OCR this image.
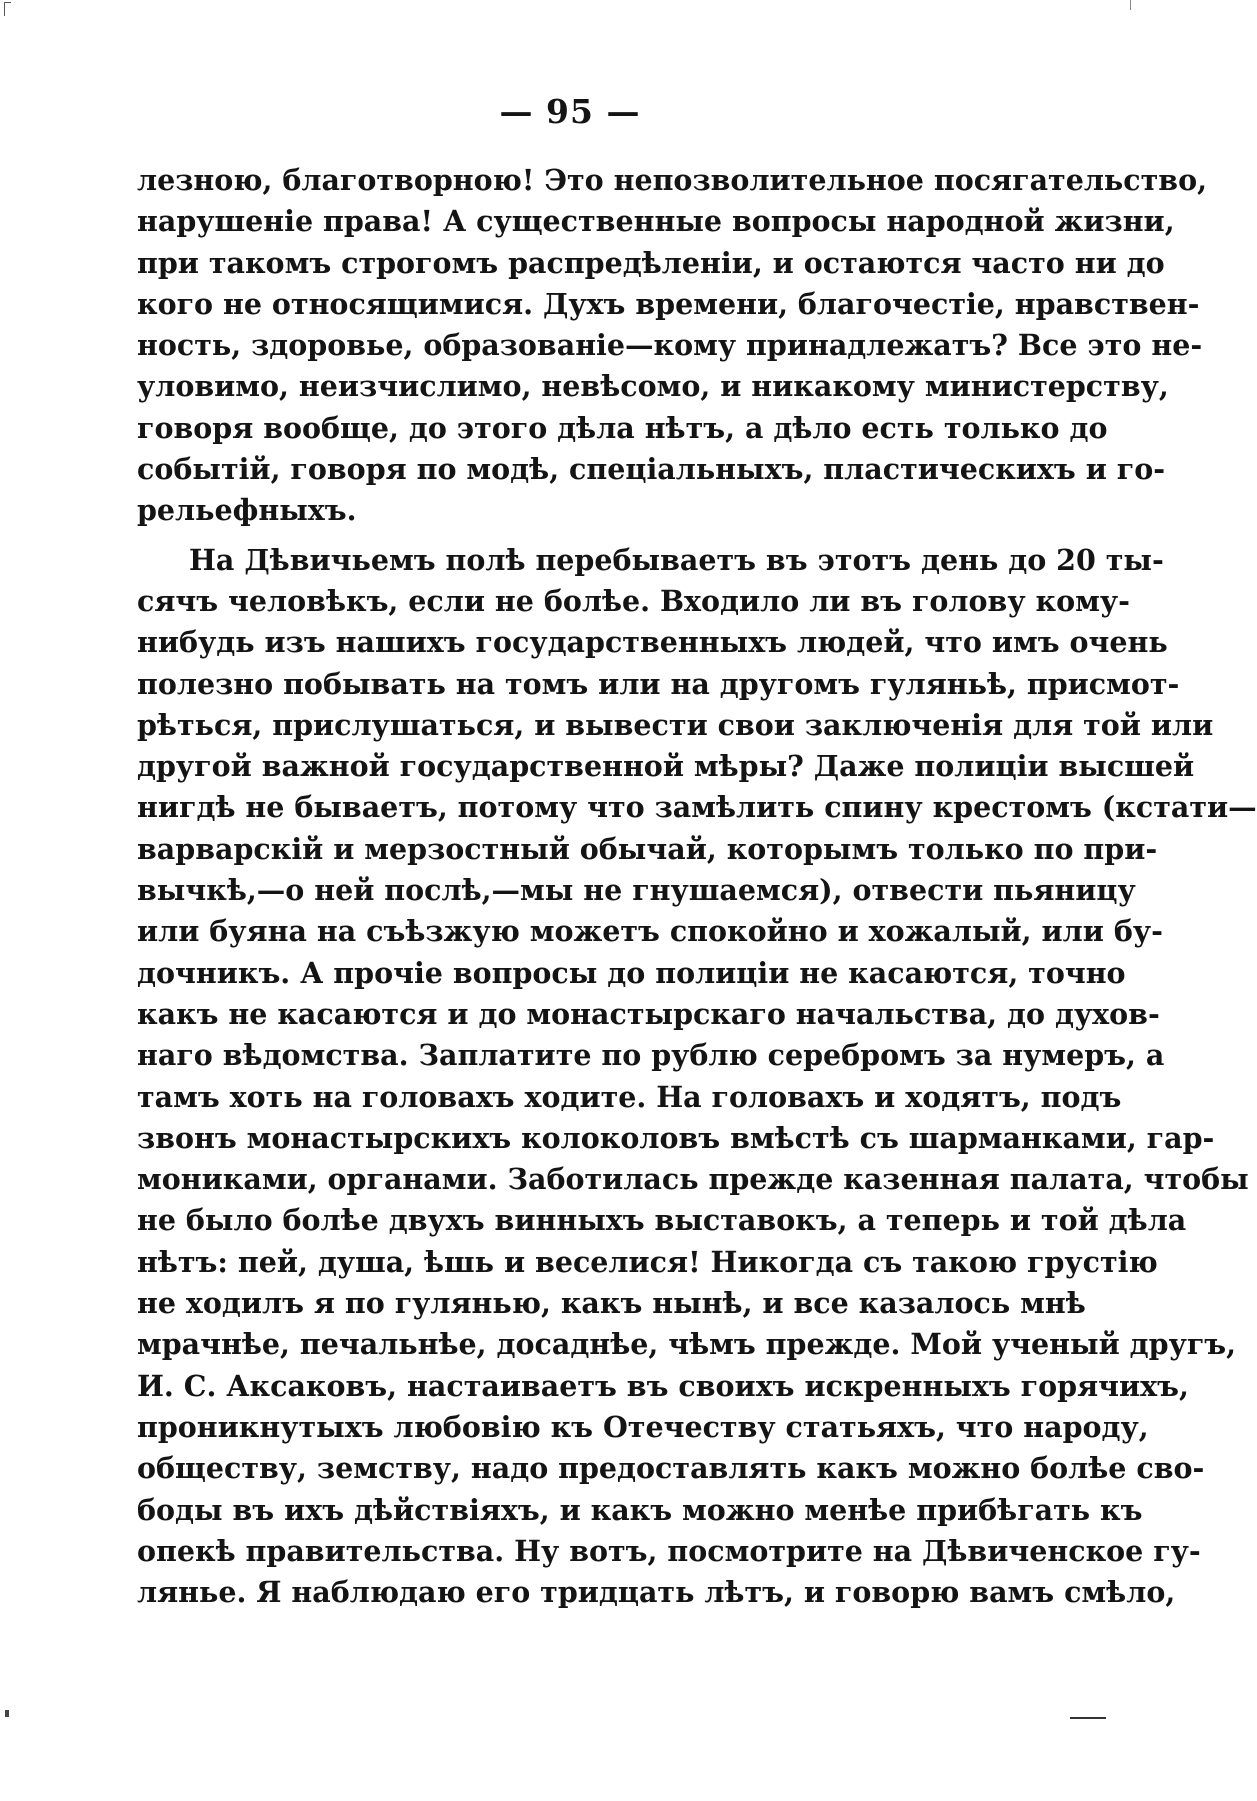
— 95 —
лезною, благотворною! Это непозволительное посягательство,
нарушеніе права! А существенные вопросы народной жизни,
при такомъ строгомъ распредѣленіи, и остаются часто ни до
кого не относящимися. Духъ времени, благочестіе, нравствен-
ность, здоровье, образованіе—кому принадлежатъ? Все это не-
уловимо, неизчислимо, невѣсомо, и никакому министерству,
говоря вообще, до этого дѣла нѣтъ, а дѣло есть только до
событій, говоря по модѣ, спеціальныхъ, пластическихъ и го-
рельефныхъ.
На Дѣвичьемъ полѣ перебываетъ въ этотъ день до 20 ты-
сячъ человѣкъ, если не болѣе. Входило ли въ голову кому-
нибудь изъ нашихъ государственныхъ людей, что имъ очень
полезно побывать на томъ или на другомъ гуляньѣ, присмот-
рѣться, прислушаться, и вывести свои заключенія для той или
другой важной государственной мѣры? Даже полиціи высшей
нигдѣ не бываетъ, потому что замѣлить спину крестомъ (кстати—
варварскій и мерзостный обычай, которымъ только по при-
вычкѣ,—о ней послѣ,—мы не гнушаемся), отвести пьяницу
или буяна на съѣзжую можетъ спокойно и хожалый, или бу-
дочникъ. А прочіе вопросы до полиціи не касаются, точно
какъ не касаются и до монастырскаго начальства, до духов-
наго вѣдомства. Заплатите по рублю серебромъ за нумеръ, а
тамъ хоть на головахъ ходите. На головахъ и ходятъ, подъ
звонъ монастырскихъ колоколовъ вмѣстѣ съ шарманками, гар-
мониками, органами. Заботилась прежде казенная палата, чтобы
не было болѣе двухъ винныхъ выставокъ, а теперь и той дѣла
нѣтъ: пей, душа, ѣшь и веселися! Никогда съ такою грустію
не ходилъ я по гулянью, какъ нынѣ, и все казалось мнѣ
мрачнѣе, печальнѣе, досаднѣе, чѣмъ прежде. Мой ученый другъ,
И. С. Аксаковъ, настаиваетъ въ своихъ искренныхъ горячихъ,
проникнутыхъ любовію къ Отечеству статьяхъ, что народу,
обществу, земству, надо предоставлять какъ можно болѣе сво-
боды въ ихъ дѣйствіяхъ, и какъ можно менѣе прибѣгать къ
опекѣ правительства. Ну вотъ, посмотрите на Дѣвиченское гу-
лянье. Я наблюдаю его тридцать лѣтъ, и говорю вамъ смѣло,
